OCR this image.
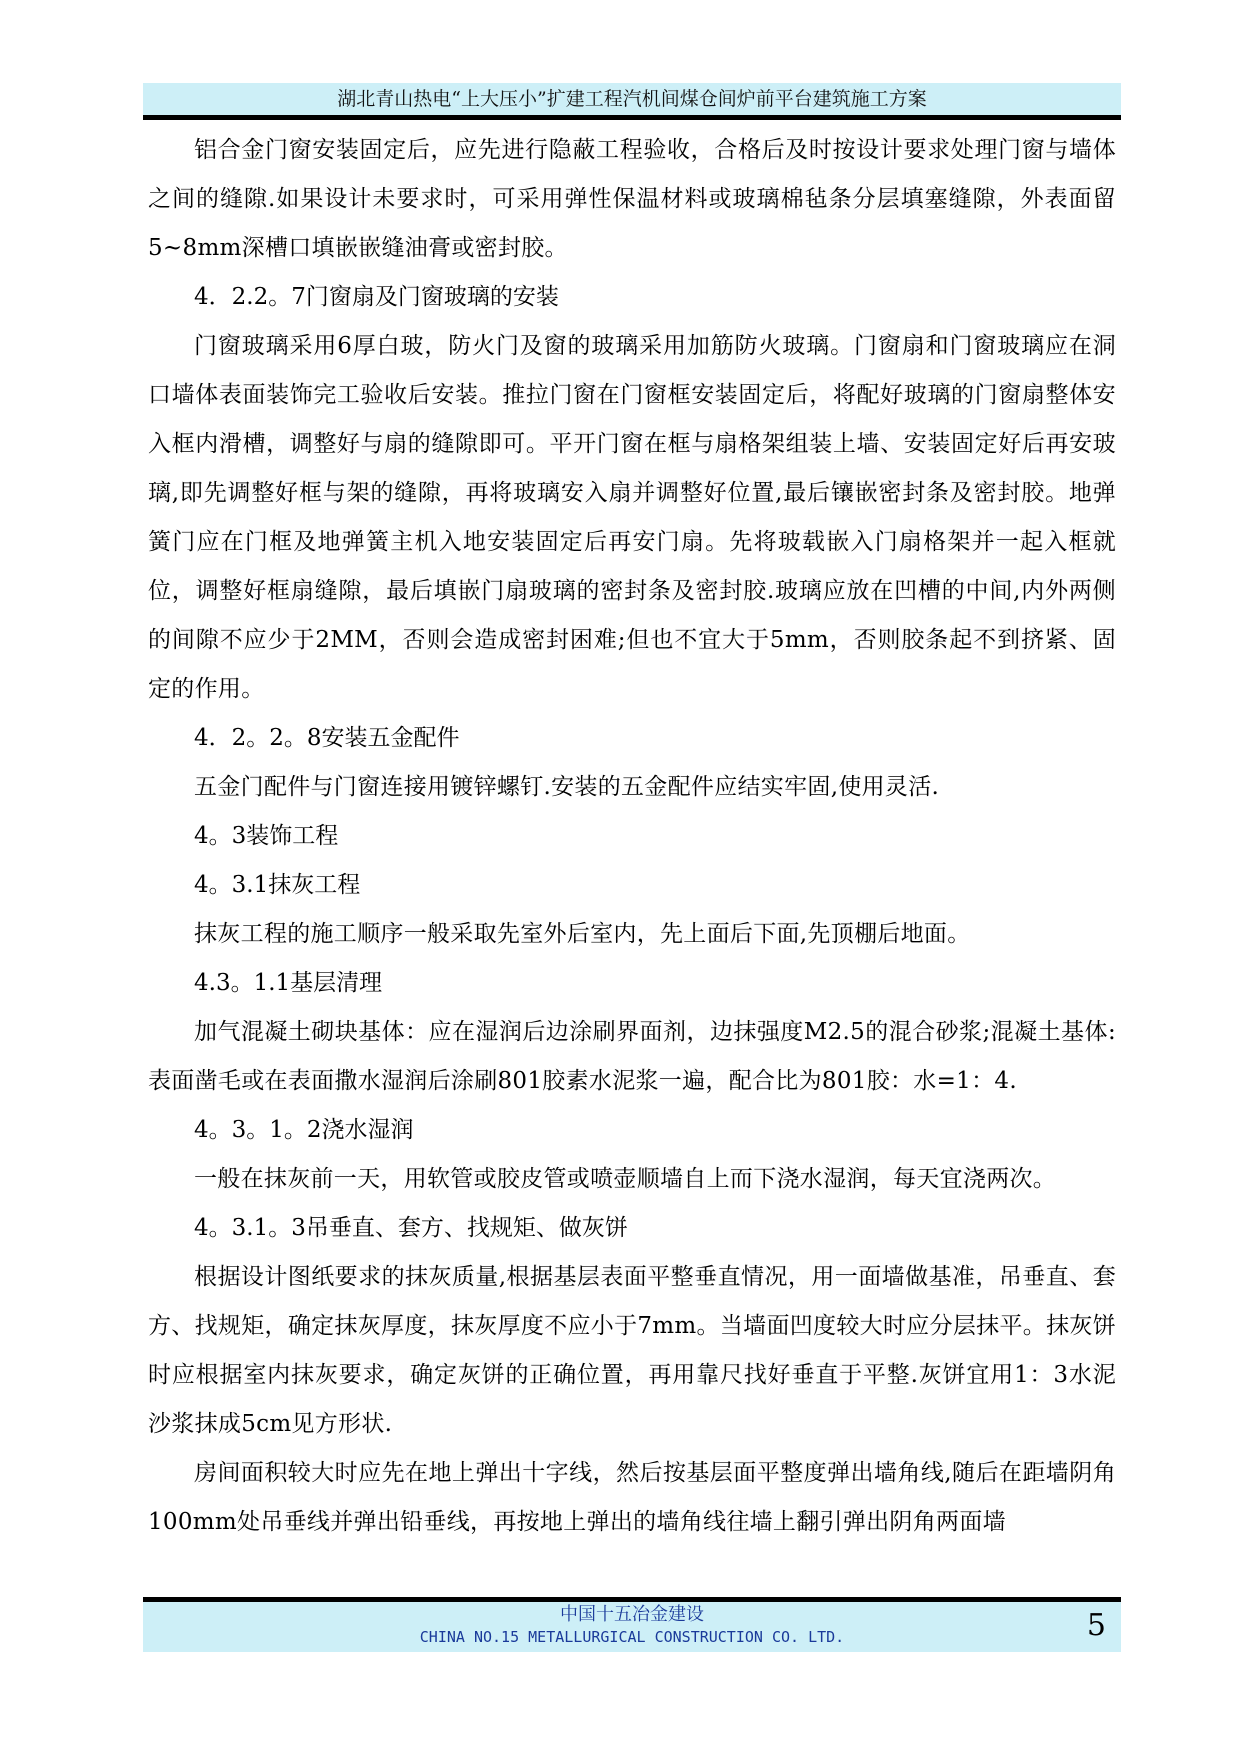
湖北青山热电“上大压小”扩建工程汽机间煤仓间炉前平台建筑施工方案

铝合金门窗安装固定后，应先进行隐蔽工程验收，合格后及时按设计要求处理门窗与墙体之间的缝隙.如果设计未要求时，可采用弹性保温材料或玻璃棉毡条分层填塞缝隙，外表面留5~8mm深槽口填嵌嵌缝油膏或密封胶。

4．2.2。7门窗扇及门窗玻璃的安装

门窗玻璃采用6厚白玻，防火门及窗的玻璃采用加筋防火玻璃。门窗扇和门窗玻璃应在洞口墙体表面装饰完工验收后安装。推拉门窗在门窗框安装固定后，将配好玻璃的门窗扇整体安入框内滑槽，调整好与扇的缝隙即可。平开门窗在框与扇格架组装上墙、安装固定好后再安玻璃,即先调整好框与架的缝隙，再将玻璃安入扇并调整好位置,最后镶嵌密封条及密封胶。地弹簧门应在门框及地弹簧主机入地安装固定后再安门扇。先将玻载嵌入门扇格架并一起入框就位，调整好框扇缝隙，最后填嵌门扇玻璃的密封条及密封胶.玻璃应放在凹槽的中间,内外两侧的间隙不应少于2MM，否则会造成密封困难;但也不宜大于5mm，否则胶条起不到挤紧、固定的作用。

4．2。2。8安装五金配件

五金门配件与门窗连接用镀锌螺钉.安装的五金配件应结实牢固,使用灵活.

4。3装饰工程

4。3.1抹灰工程

抹灰工程的施工顺序一般采取先室外后室内，先上面后下面,先顶棚后地面。

4.3。1.1基层清理

加气混凝土砌块基体：应在湿润后边涂刷界面剂，边抹强度M2.5的混合砂浆;混凝土基体:表面凿毛或在表面撒水湿润后涂刷801胶素水泥浆一遍，配合比为801胶：水=1：4.

4。3。1。2浇水湿润

一般在抹灰前一天，用软管或胶皮管或喷壶顺墙自上而下浇水湿润，每天宜浇两次。

4。3.1。3吊垂直、套方、找规矩、做灰饼

根据设计图纸要求的抹灰质量,根据基层表面平整垂直情况，用一面墙做基准，吊垂直、套方、找规矩，确定抹灰厚度，抹灰厚度不应小于7mm。当墙面凹度较大时应分层抹平。抹灰饼时应根据室内抹灰要求，确定灰饼的正确位置，再用靠尺找好垂直于平整.灰饼宜用1：3水泥沙浆抹成5cm见方形状.

房间面积较大时应先在地上弹出十字线，然后按基层面平整度弹出墙角线,随后在距墙阴角100mm处吊垂线并弹出铅垂线，再按地上弹出的墙角线往墙上翻引弹出阴角两面墙

中国十五冶金建设
CHINA NO.15 METALLURGICAL CONSTRUCTION CO. LTD.	5
